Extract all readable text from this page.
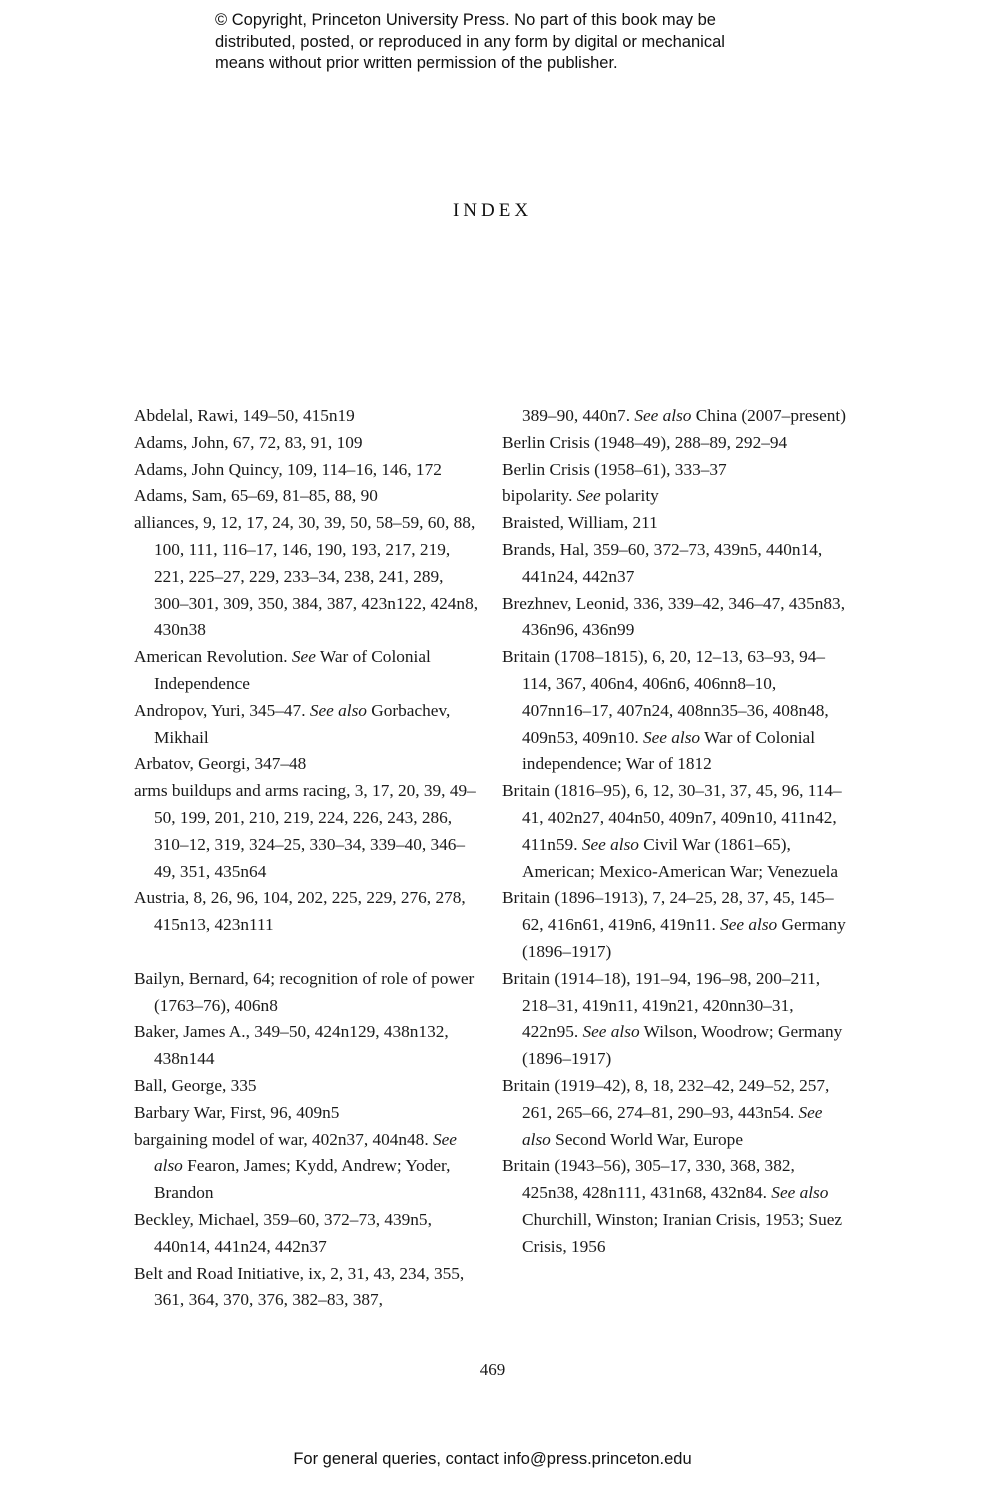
© Copyright, Princeton University Press. No part of this book may be
distributed, posted, or reproduced in any form by digital or mechanical
means without prior written permission of the publisher.
INDEX

Abdelal, Rawi, 149–50, 415n19

Adams, John, 67, 72, 83, 91, 109

Adams, John Quincy, 109, 114–16, 146, 172

Adams, Sam, 65–69, 81–85, 88, 90

alliances, 9, 12, 17, 24, 30, 39, 50, 58–59, 60, 88, 100, 111, 116–17, 146, 190, 193, 217, 219, 221, 225–27, 229, 233–34, 238, 241, 289, 300–301, 309, 350, 384, 387, 423n122, 424n8, 430n38

American Revolution. See War of Colonial Independence

Andropov, Yuri, 345–47. See also Gorbachev, Mikhail

Arbatov, Georgi, 347–48

arms buildups and arms racing, 3, 17, 20, 39, 49–50, 199, 201, 210, 219, 224, 226, 243, 286, 310–12, 319, 324–25, 330–34, 339–40, 346–49, 351, 435n64

Austria, 8, 26, 96, 104, 202, 225, 229, 276, 278, 415n13, 423n111

Bailyn, Bernard, 64; recognition of role of power (1763–76), 406n8

Baker, James A., 349–50, 424n129, 438n132, 438n144

Ball, George, 335

Barbary War, First, 96, 409n5

bargaining model of war, 402n37, 404n48. See also Fearon, James; Kydd, Andrew; Yoder, Brandon

Beckley, Michael, 359–60, 372–73, 439n5, 440n14, 441n24, 442n37

Belt and Road Initiative, ix, 2, 31, 43, 234, 355, 361, 364, 370, 376, 382–83, 387,

389–90, 440n7. See also China (2007–present)

Berlin Crisis (1948–49), 288–89, 292–94

Berlin Crisis (1958–61), 333–37

bipolarity. See polarity

Braisted, William, 211

Brands, Hal, 359–60, 372–73, 439n5, 440n14, 441n24, 442n37

Brezhnev, Leonid, 336, 339–42, 346–47, 435n83, 436n96, 436n99

Britain (1708–1815), 6, 20, 12–13, 63–93, 94–114, 367, 406n4, 406n6, 406nn8–10, 407nn16–17, 407n24, 408nn35–36, 408n48, 409n53, 409n10. See also War of Colonial independence; War of 1812

Britain (1816–95), 6, 12, 30–31, 37, 45, 96, 114–41, 402n27, 404n50, 409n7, 409n10, 411n42, 411n59. See also Civil War (1861–65), American; Mexico-American War; Venezuela

Britain (1896–1913), 7, 24–25, 28, 37, 45, 145–62, 416n61, 419n6, 419n11. See also Germany (1896–1917)

Britain (1914–18), 191–94, 196–98, 200–211, 218–31, 419n11, 419n21, 420nn30–31, 422n95. See also Wilson, Woodrow; Germany (1896–1917)

Britain (1919–42), 8, 18, 232–42, 249–52, 257, 261, 265–66, 274–81, 290–93, 443n54. See also Second World War, Europe

Britain (1943–56), 305–17, 330, 368, 382, 425n38, 428n111, 431n68, 432n84. See also Churchill, Winston; Iranian Crisis, 1953; Suez Crisis, 1956

469
For general queries, contact info@press.princeton.edu
